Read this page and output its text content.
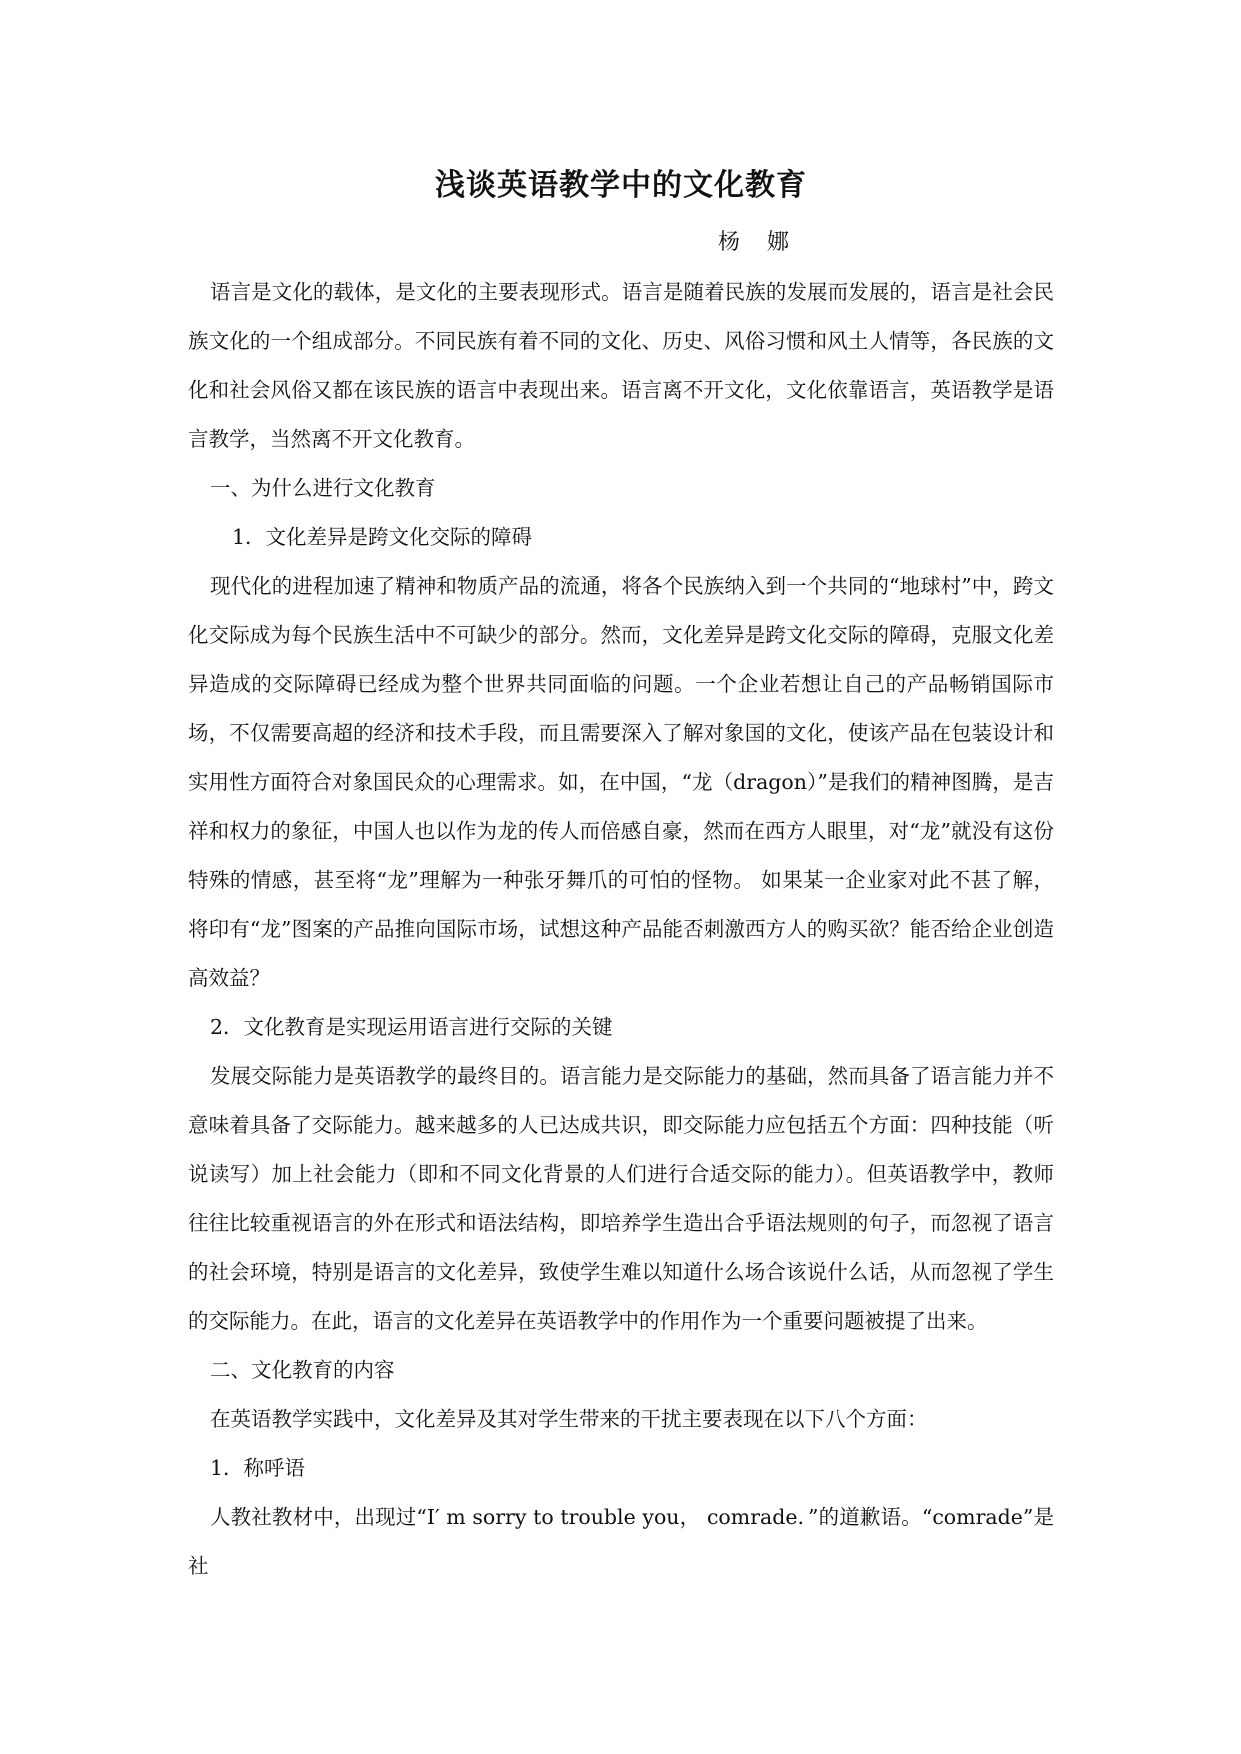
浅谈英语教学中的文化教育
杨 娜

语言是文化的载体，是文化的主要表现形式。语言是随着民族的发展而发展的，语言是社会民族文化的一个组成部分。不同民族有着不同的文化、历史、风俗习惯和风土人情等，各民族的文化和社会风俗又都在该民族的语言中表现出来。语言离不开文化，文化依靠语言，英语教学是语言教学，当然离不开文化教育。

一、为什么进行文化教育

1．文化差异是跨文化交际的障碍

现代化的进程加速了精神和物质产品的流通，将各个民族纳入到一个共同的“地球村”中，跨文化交际成为每个民族生活中不可缺少的部分。然而，文化差异是跨文化交际的障碍，克服文化差异造成的交际障碍已经成为整个世界共同面临的问题。一个企业若想让自己的产品畅销国际市场，不仅需要高超的经济和技术手段，而且需要深入了解对象国的文化，使该产品在包装设计和实用性方面符合对象国民众的心理需求。如，在中国，“龙（dragon）”是我们的精神图腾，是吉祥和权力的象征，中国人也以作为龙的传人而倍感自豪，然而在西方人眼里，对“龙”就没有这份特殊的情感，甚至将“龙”理解为一种张牙舞爪的可怕的怪物。 如果某一企业家对此不甚了解，将印有“龙”图案的产品推向国际市场，试想这种产品能否刺激西方人的购买欲？能否给企业创造高效益？

2．文化教育是实现运用语言进行交际的关键

发展交际能力是英语教学的最终目的。语言能力是交际能力的基础，然而具备了语言能力并不意味着具备了交际能力。越来越多的人已达成共识，即交际能力应包括五个方面：四种技能（听说读写）加上社会能力（即和不同文化背景的人们进行合适交际的能力）。但英语教学中，教师往往比较重视语言的外在形式和语法结构，即培养学生造出合乎语法规则的句子，而忽视了语言的社会环境，特别是语言的文化差异，致使学生难以知道什么场合该说什么话，从而忽视了学生的交际能力。在此，语言的文化差异在英语教学中的作用作为一个重要问题被提了出来。

二、文化教育的内容

在英语教学实践中，文化差异及其对学生带来的干扰主要表现在以下八个方面：

1．称呼语

人教社教材中，出现过“I′ m sorry to trouble you， comrade．”的道歉语。“comrade”是社
